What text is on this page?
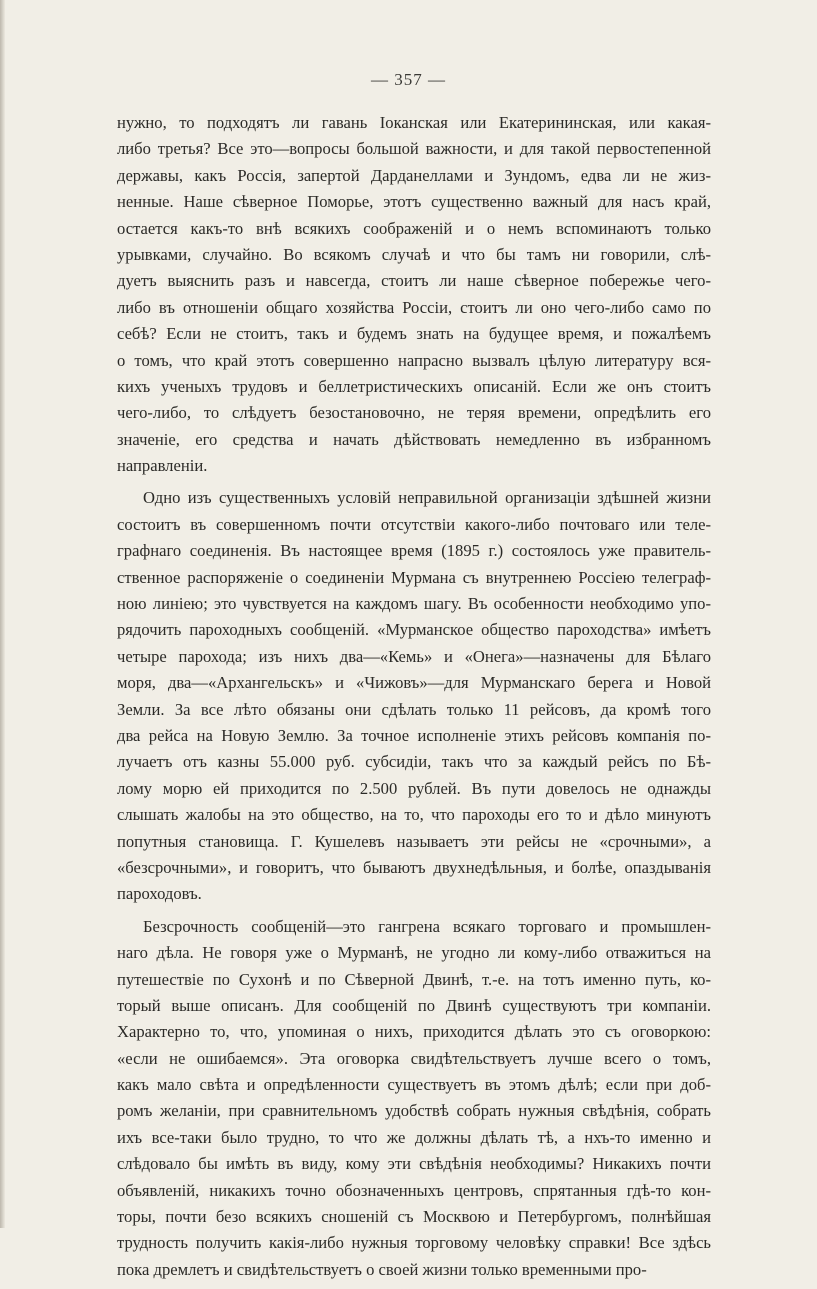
— 357 —
нужно, то подходятъ ли гавань Іоканская или Екатерининская, или какая-
либо третья? Все это—вопросы большой важности, и для такой первостепенной
державы, какъ Россія, запертой Дарданеллами и Зундомъ, едва ли не жиз-
ненные. Наше сѣверное Поморье, этотъ существенно важный для насъ край,
остается какъ-то внѣ всякихъ соображеній и о немъ вспоминаютъ только
урывками, случайно. Во всякомъ случаѣ и что бы тамъ ни говорили, слѣ-
дуетъ выяснить разъ и навсегда, стоитъ ли наше сѣверное побережье чего-
либо въ отношеніи общаго хозяйства Россіи, стоитъ ли оно чего-либо само по
себѣ? Если не стоитъ, такъ и будемъ знать на будущее время, и пожалѣемъ
о томъ, что край этотъ совершенно напрасно вызвалъ цѣлую литературу вся-
кихъ ученыхъ трудовъ и беллетристическихъ описаній. Если же онъ стоитъ
чего-либо, то слѣдуетъ безостановочно, не теряя времени, опредѣлить его
значеніе, его средства и начать дѣйствовать немедленно въ избранномъ
направленіи.
Одно изъ существенныхъ условій неправильной организаціи здѣшней жизни
состоитъ въ совершенномъ почти отсутствіи какого-либо почтоваго или теле-
графнаго соединенія. Въ настоящее время (1895 г.) состоялось уже правитель-
ственное распоряженіе о соединеніи Мурмана съ внутреннею Россіею телеграф-
ною линіею; это чувствуется на каждомъ шагу. Въ особенности необходимо упо-
рядочить пароходныхъ сообщеній. «Мурманское общество пароходства» имѣетъ
четыре парохода; изъ нихъ два—«Кемь» и «Онега»—назначены для Бѣлаго
моря, два—«Архангельскъ» и «Чижовъ»—для Мурманскаго берега и Новой
Земли. За все лѣто обязаны они сдѣлать только 11 рейсовъ, да кромѣ того
два рейса на Новую Землю. За точное исполненіе этихъ рейсовъ компанія по-
лучаетъ отъ казны 55.000 руб. субсидіи, такъ что за каждый рейсъ по Бѣ-
лому морю ей приходится по 2.500 рублей. Въ пути довелось не однажды
слышать жалобы на это общество, на то, что пароходы его то и дѣло минуютъ
попутныя становища. Г. Кушелевъ называетъ эти рейсы не «срочными», а
«безсрочными», и говоритъ, что бываютъ двухнедѣльныя, и болѣе, опаздыванія
пароходовъ.
Безсрочность сообщеній—это гангрена всякаго торговаго и промышлен-
наго дѣла. Не говоря уже о Мурманѣ, не угодно ли кому-либо отважиться на
путешествіе по Сухонѣ и по Сѣверной Двинѣ, т.-е. на тотъ именно путь, ко-
торый выше описанъ. Для сообщеній по Двинѣ существуютъ три компаніи.
Характерно то, что, упоминая о нихъ, приходится дѣлать это съ оговоркою:
«если не ошибаемся». Эта оговорка свидѣтельствуетъ лучше всего о томъ,
какъ мало свѣта и опредѣленности существуетъ въ этомъ дѣлѣ; если при доб-
ромъ желаніи, при сравнительномъ удобствѣ собрать нужныя свѣдѣнія, собрать
ихъ все-таки было трудно, то что же должны дѣлать тѣ, а нхъ-то именно и
слѣдовало бы имѣть въ виду, кому эти свѣдѣнія необходимы? Никакихъ почти
объявленій, никакихъ точно обозначенныхъ центровъ, спрятанныя гдѣ-то кон-
торы, почти безо всякихъ сношеній съ Москвою и Петербургомъ, полнѣйшая
трудность получить какія-либо нужныя торговому человѣку справки! Все здѣсь
пока дремлетъ и свидѣтельствуетъ о своей жизни только временными про-
